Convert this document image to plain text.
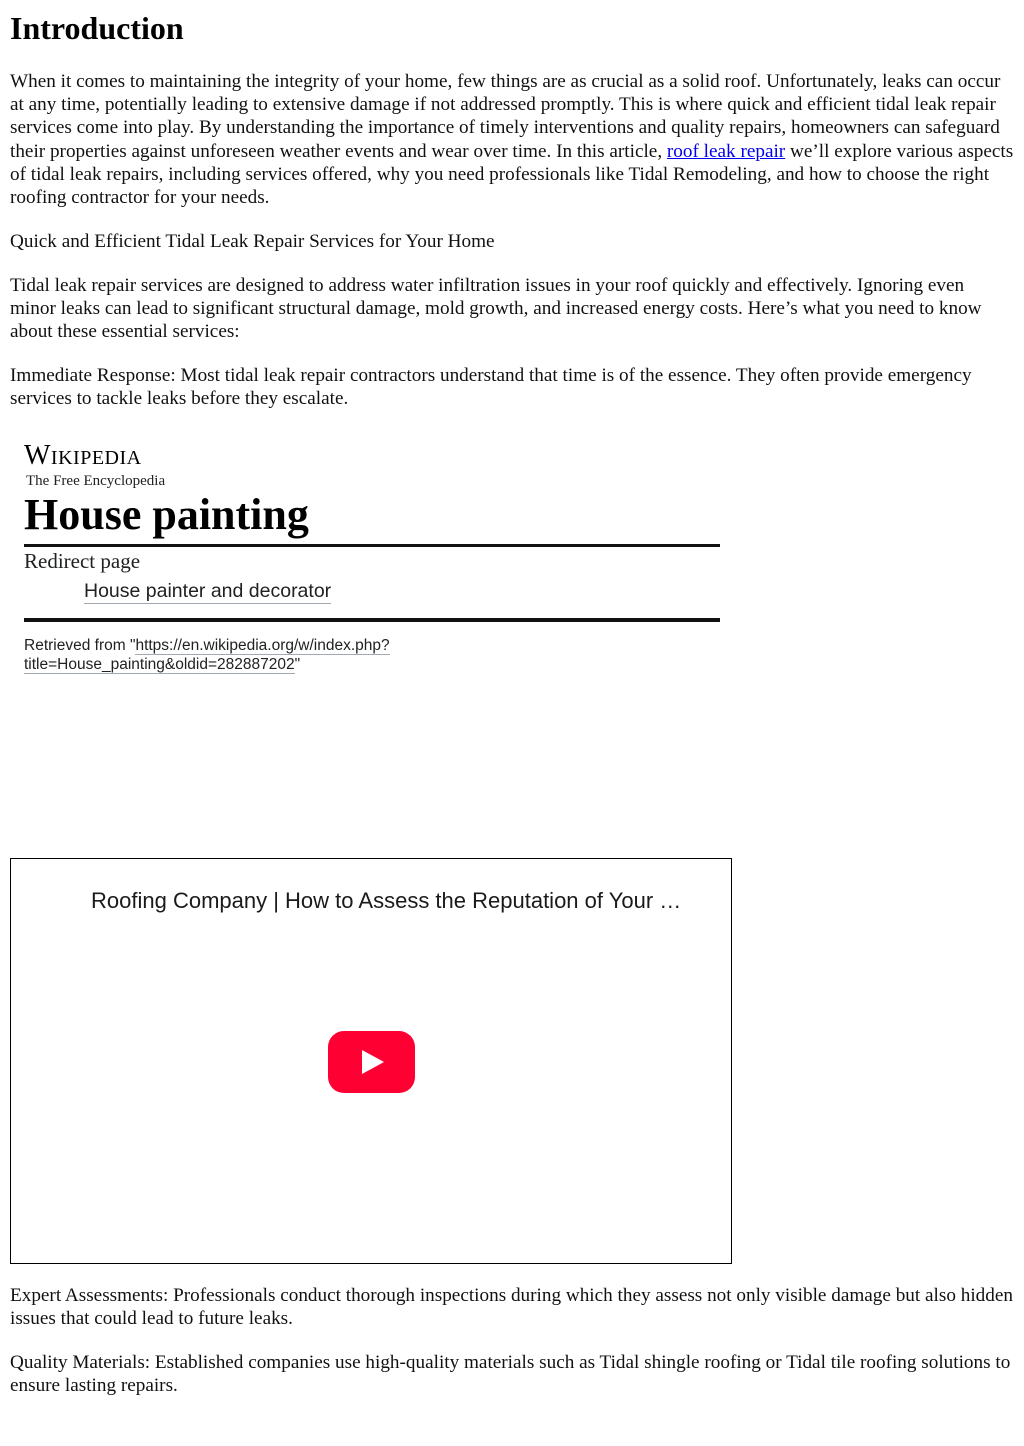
Introduction

When it comes to maintaining the integrity of your home, few things are as crucial as a solid roof. Unfortunately, leaks can occur at any time, potentially leading to extensive damage if not addressed promptly. This is where quick and efficient tidal leak repair services come into play. By understanding the importance of timely interventions and quality repairs, homeowners can safeguard their properties against unforeseen weather events and wear over time. In this article, roof leak repair we’ll explore various aspects of tidal leak repairs, including services offered, why you need professionals like Tidal Remodeling, and how to choose the right roofing contractor for your needs.

Quick and Efficient Tidal Leak Repair Services for Your Home

Tidal leak repair services are designed to address water infiltration issues in your roof quickly and effectively. Ignoring even minor leaks can lead to significant structural damage, mold growth, and increased energy costs. Here’s what you need to know about these essential services:

Immediate Response: Most tidal leak repair contractors understand that time is of the essence. They often provide emergency services to tackle leaks before they escalate.

Wikipedia
The Free Encyclopedia
House painting
Redirect page
House painter and decorator
Retrieved from "https://en.wikipedia.org/w/index.php?
title=House_painting&oldid=282887202"
Roofing Company | How to Assess the Reputation of Your …

Expert Assessments: Professionals conduct thorough inspections during which they assess not only visible damage but also hidden issues that could lead to future leaks.

Quality Materials: Established companies use high-quality materials such as Tidal shingle roofing or Tidal tile roofing solutions to ensure lasting repairs.
